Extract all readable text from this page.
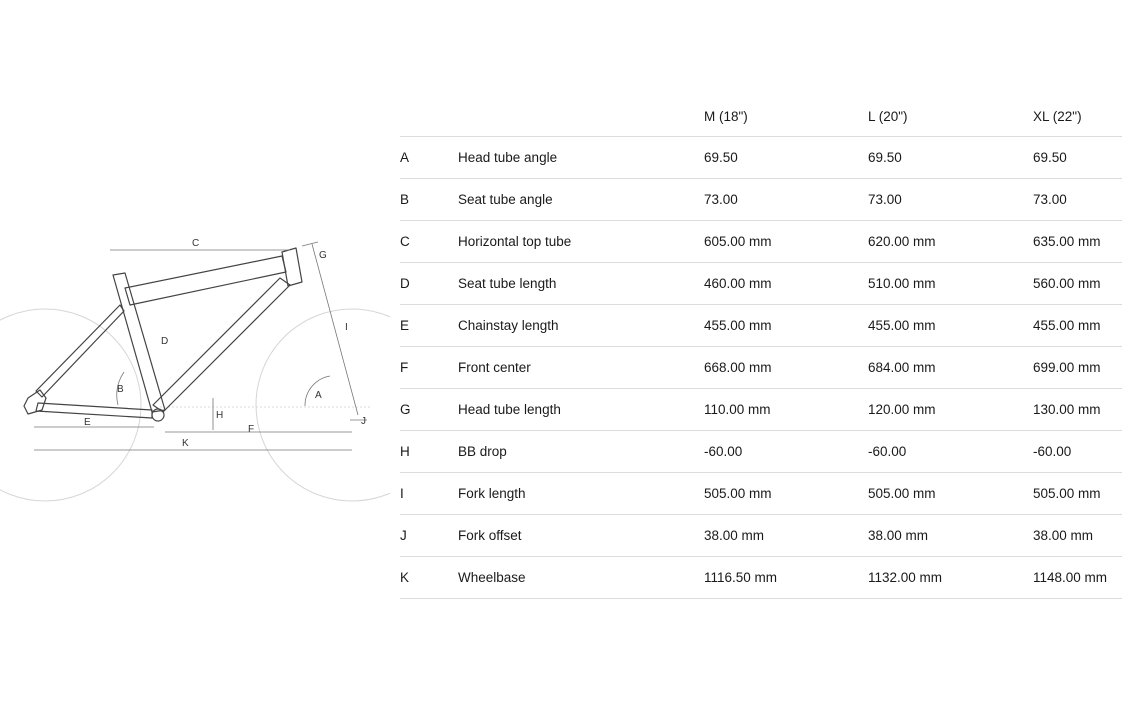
C
G
I
D
B
A
H
J
E
F
K
		M (18")	L (20")	XL (22")
A	Head tube angle	69.50	69.50	69.50
B	Seat tube angle	73.00	73.00	73.00
C	Horizontal top tube	605.00 mm	620.00 mm	635.00 mm
D	Seat tube length	460.00 mm	510.00 mm	560.00 mm
E	Chainstay length	455.00 mm	455.00 mm	455.00 mm
F	Front center	668.00 mm	684.00 mm	699.00 mm
G	Head tube length	110.00 mm	120.00 mm	130.00 mm
H	BB drop	-60.00	-60.00	-60.00
I	Fork length	505.00 mm	505.00 mm	505.00 mm
J	Fork offset	38.00 mm	38.00 mm	38.00 mm
K	Wheelbase	1116.50 mm	1132.00 mm	1148.00 mm
